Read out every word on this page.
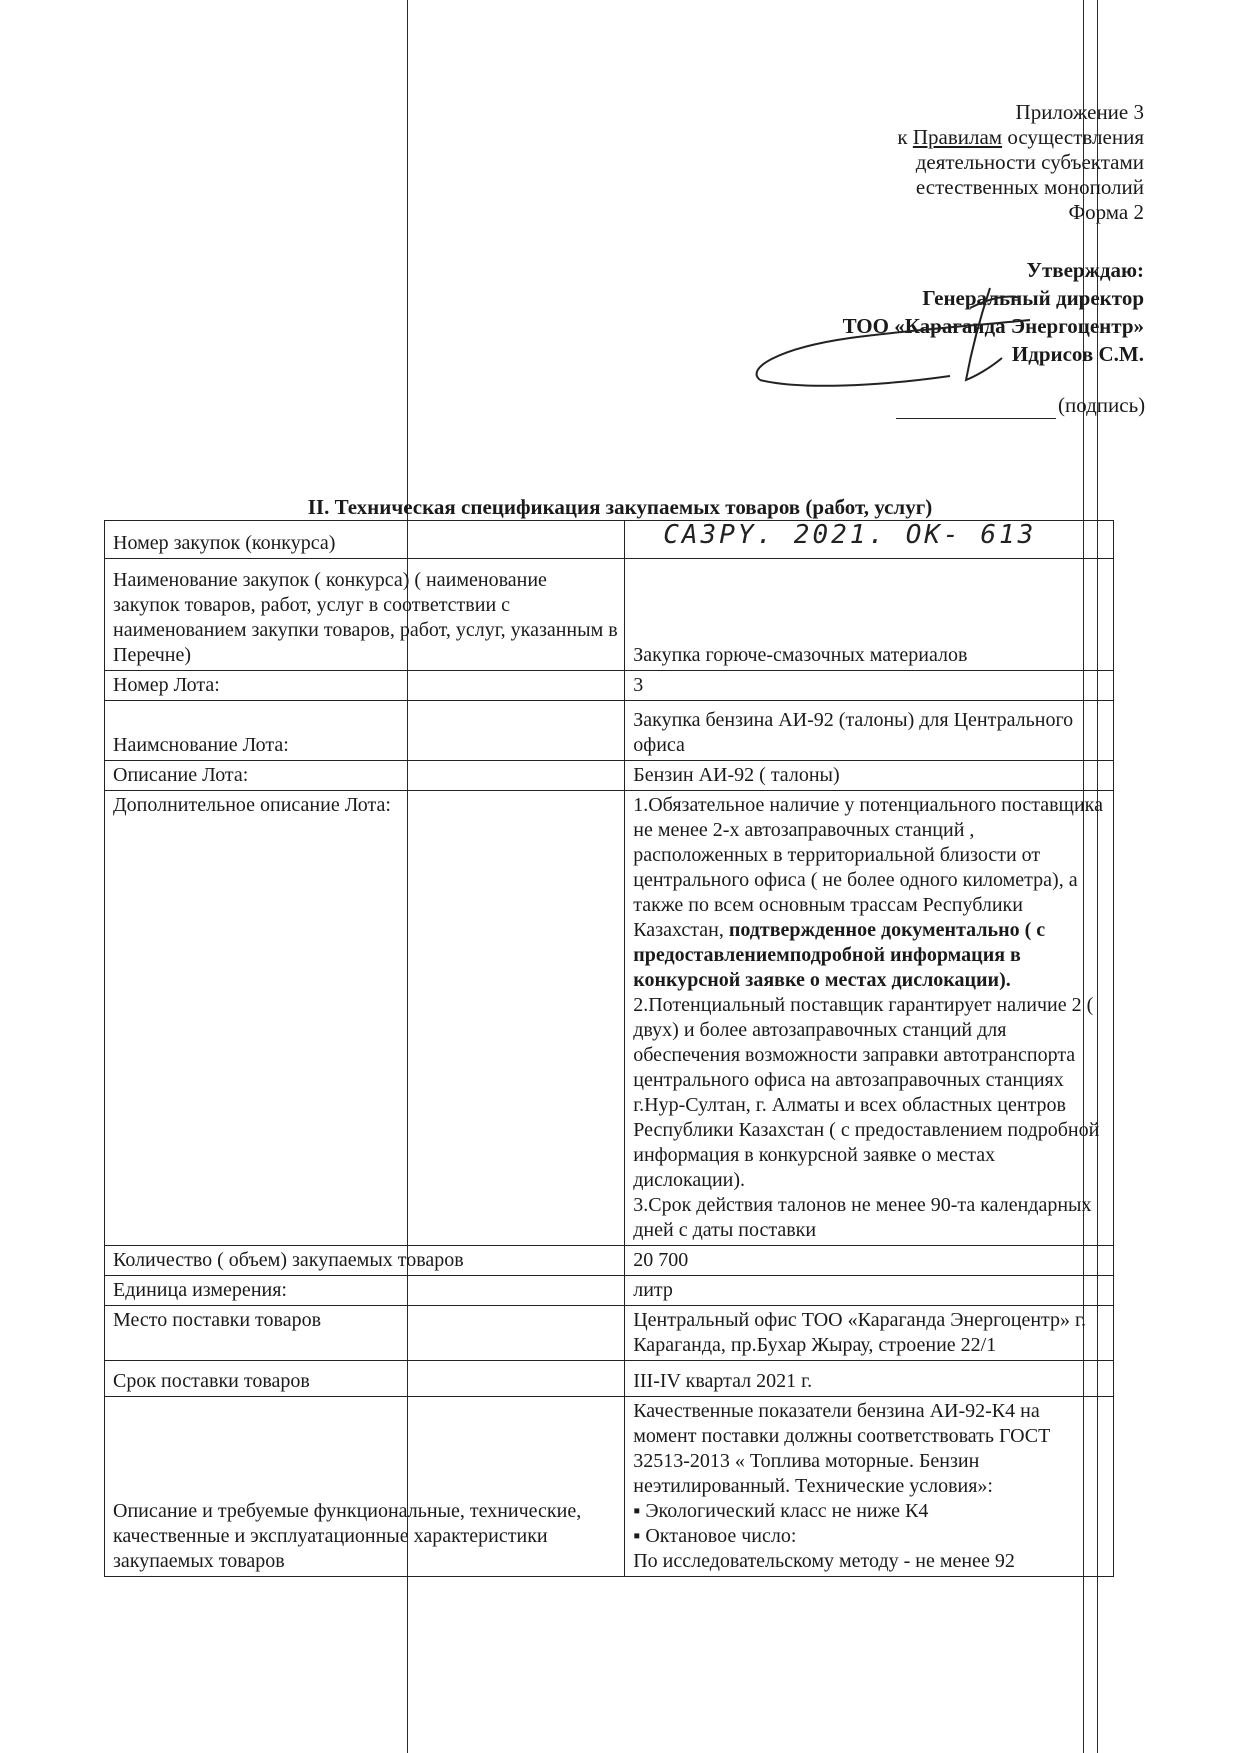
Приложение 3
к Правилам осуществления
деятельности субъектами
естественных монополий
Форма 2
Утверждаю:
Генеральный директор
ТОО «Караганда Энергоцентр»
Идрисов С.М.
(подпись)
II. Техническая спецификация закупаемых товаров (работ, услуг)
Номер закупок (конкурса)	CA3PY. 2021. OK- 613
Наименование закупок ( конкурса) ( наименование закупок товаров, работ, услуг в соответствии с наименованием закупки товаров, работ, услуг, указанным в Перечне)	Закупка горюче-смазочных материалов
Номер Лота:	3
Наимснование Лота:	Закупка бензина АИ-92 (талоны) для Центрального офиса
Описание Лота:	Бензин АИ-92 ( талоны)
Дополнительное описание Лота:	1.Обязательное наличие у потенциального поставщика не менее 2-х автозаправочных станций , расположенных в территориальной близости от центрального офиса ( не более одного километра), а также по всем основным трассам Республики Казахстан, подтвержденное документально ( с предоставлениемподробной информация в конкурсной заявке о местах дислокации).
2.Потенциальный поставщик гарантирует наличие 2 ( двух) и более автозаправочных станций для обеспечения возможности заправки автотранспорта центрального офиса на автозаправочных станциях г.Нур-Султан, г. Алматы и всех областных центров Республики Казахстан ( с предоставлением подробной информация в конкурсной заявке о местах дислокации).
3.Срок действия талонов не менее 90-та календарных дней с даты поставки

Количество ( объем) закупаемых товаров	20 700
Единица измерения:	литр
Место поставки товаров	Центральный офис ТОО «Караганда Энергоцентр» г. Караганда, пр.Бухар Жырау, строение 22/1
Срок поставки товаров	III-IV квартал 2021 г.
Описание и требуемые функциональные, технические, качественные и эксплуатационные характеристики закупаемых товаров	Качественные показатели бензина АИ-92-К4 на момент поставки должны соответствовать ГОСТ 32513-2013 « Топлива моторные. Бензин неэтилированный. Технические условия»:
▪ Экологический класс не ниже К4
▪ Октановое число:
По исследовательскому методу - не менее 92
